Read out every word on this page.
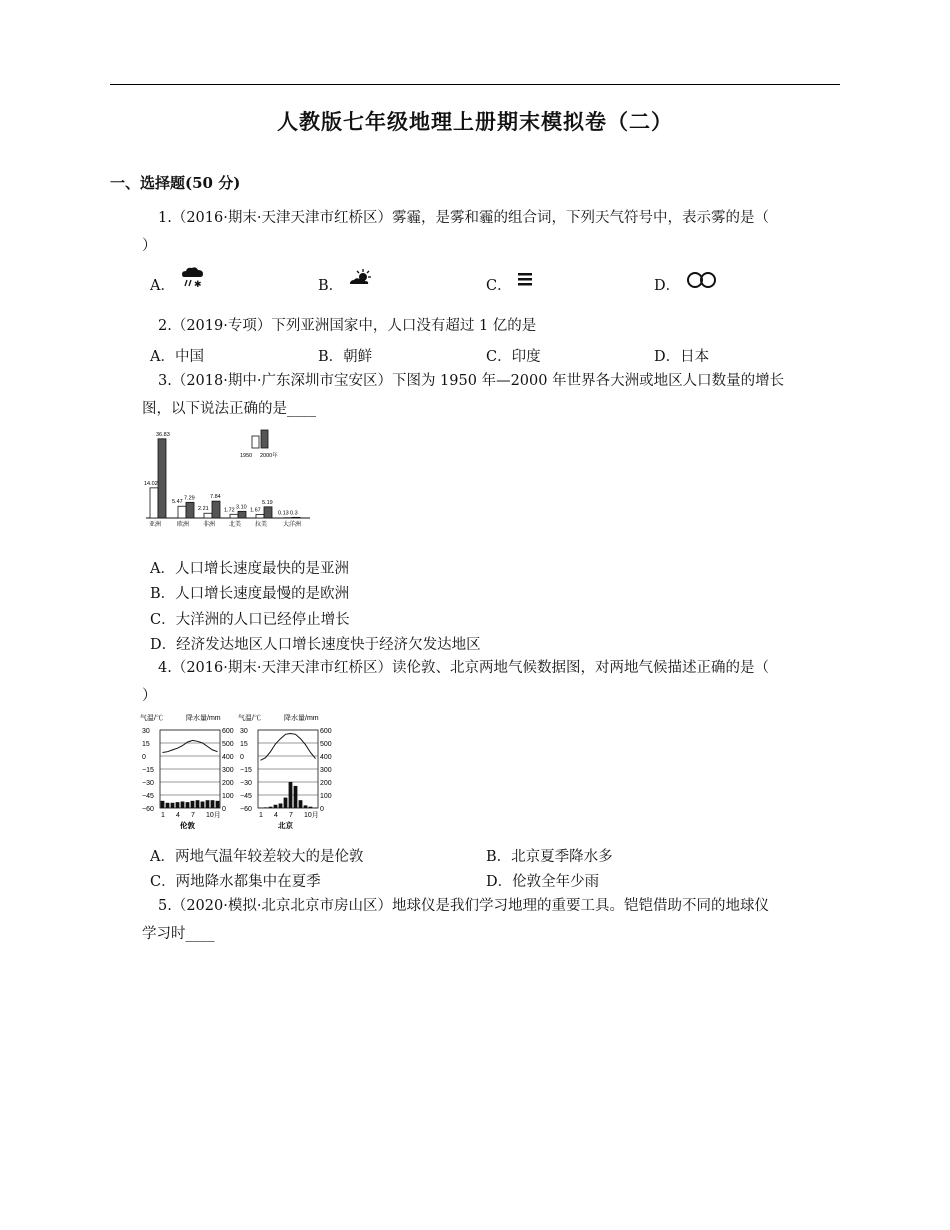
人教版七年级地理上册期末模拟卷（二）
一、选择题(50 分)
1.（2016·期末·天津天津市红桥区）雾霾，是雾和霾的组合词，下列天气符号中，表示雾的是（
）
A． ✱	B．	C．	D．
2.（2019·专项）下列亚洲国家中，人口没有超过 1 亿的是
A．中国	B．朝鲜	C．印度	D．日本
3.（2018·期中·广东深圳市宝安区）下图为 1950 年—2000 年世界各大洲或地区人口数量的增长
图，以下说法正确的是____
14.02
36.83
亚洲
5.47
7.29
欧洲
2.21
7.84
非洲
1.72 3.10
北美
1.67
5.19
拉美
0.13 0.3
大洋洲
1950 2000年
A．人口增长速度最快的是亚洲
B．人口增长速度最慢的是欧洲
C．大洋洲的人口已经停止增长
D．经济发达地区人口增长速度快于经济欠发达地区
4.（2016·期末·天津天津市红桥区）读伦敦、北京两地气候数据图，对两地气候描述正确的是（
）
气温/℃	降水量/mm
30	600
15	500
0	400
−15	300
−30	200
−45	100
−60	0
1 4 7 10月
伦敦
气温/℃	降水量/mm
30	600
15	500
0	400
−15	300
−30	200
−45	100
−60	0
1 4 7 10月
北京
A．两地气温年较差较大的是伦敦	B．北京夏季降水多
C．两地降水都集中在夏季	D．伦敦全年少雨
5.（2020·模拟·北京北京市房山区）地球仪是我们学习地理的重要工具。铠铠借助不同的地球仪
学习时____
